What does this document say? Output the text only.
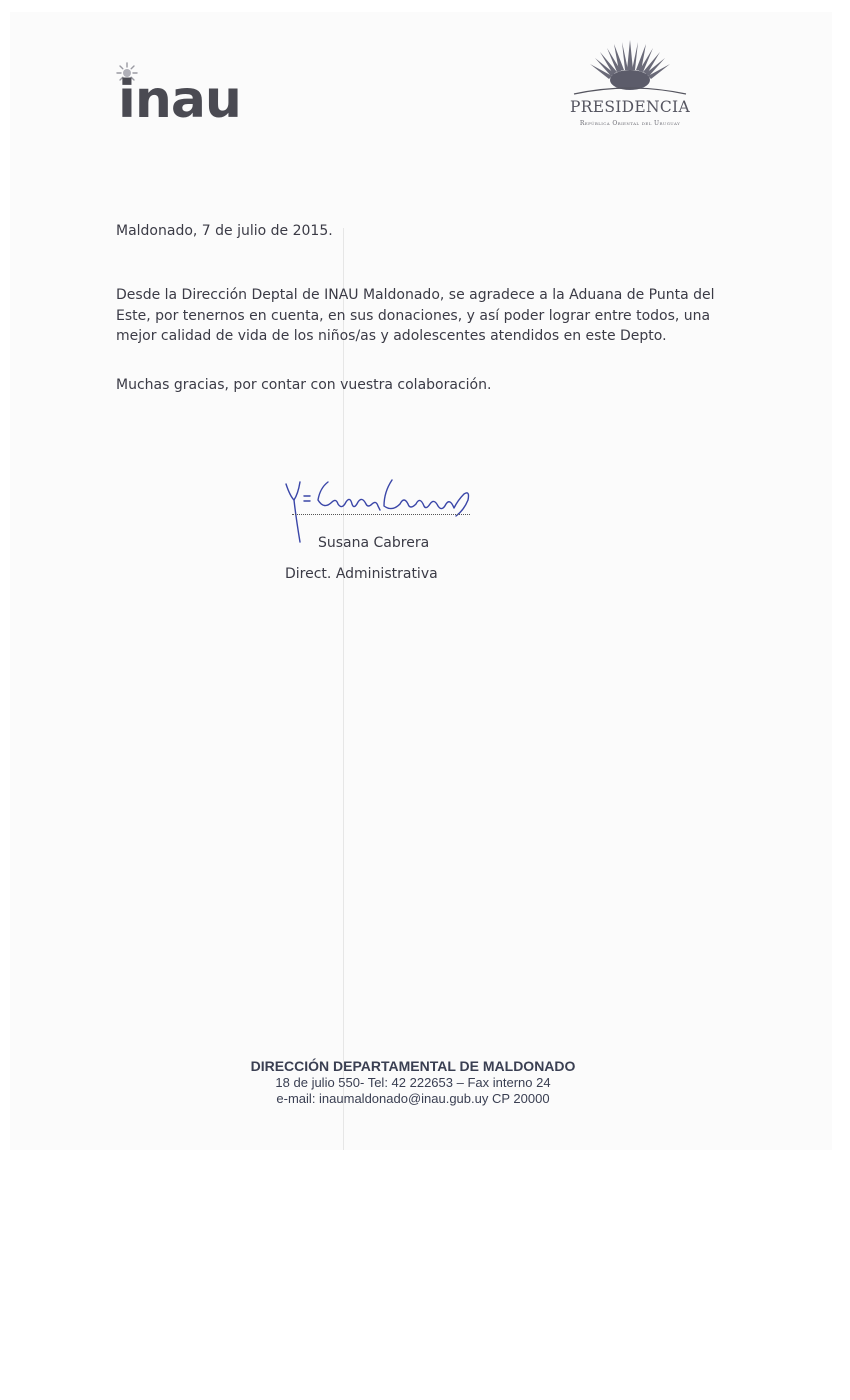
inau	PRESIDENCIA
República Oriental del Uruguay
Maldonado, 7 de julio de 2015.
Desde la Dirección Deptal de INAU Maldonado, se agradece a la Aduana de Punta del Este, por tenernos en cuenta, en sus donaciones, y así poder lograr entre todos, una mejor calidad de vida de los niños/as y adolescentes atendidos en este Depto.
Muchas gracias, por contar con vuestra colaboración.
Susana Cabrera
Direct. Administrativa
DIRECCIÓN DEPARTAMENTAL DE MALDONADO
18 de julio 550- Tel: 42 222653 – Fax interno 24
e-mail: inaumaldonado@inau.gub.uy CP 20000
